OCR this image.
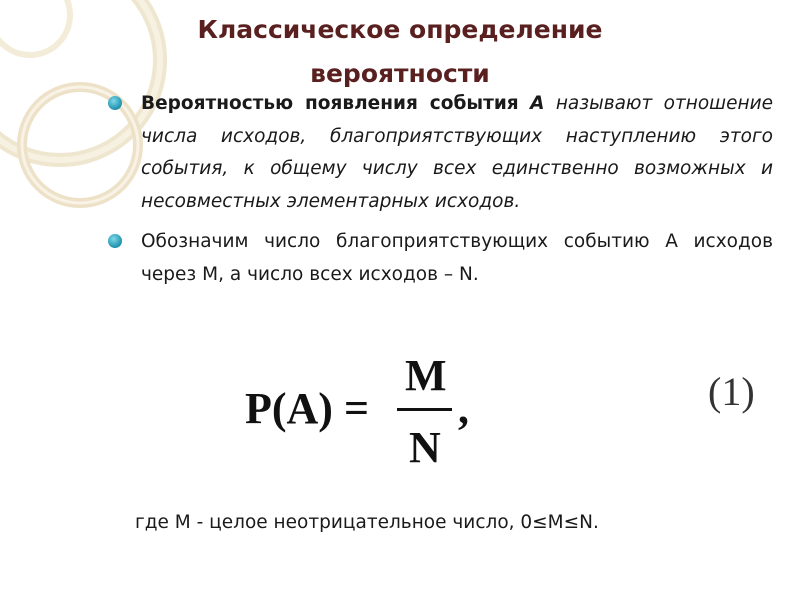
Классическое определение
вероятности

Вероятностью появления события А называют отношение числа исходов, благоприятствующих наступлению этого события, к общему числу всех единственно возможных и несовместных элементарных исходов.

Обозначим число благоприятствующих событию А исходов через М, а число всех исходов – N.

P(A) =
M
N
,	(1)
где М - целое неотрицательное число, 0≤M≤N.
